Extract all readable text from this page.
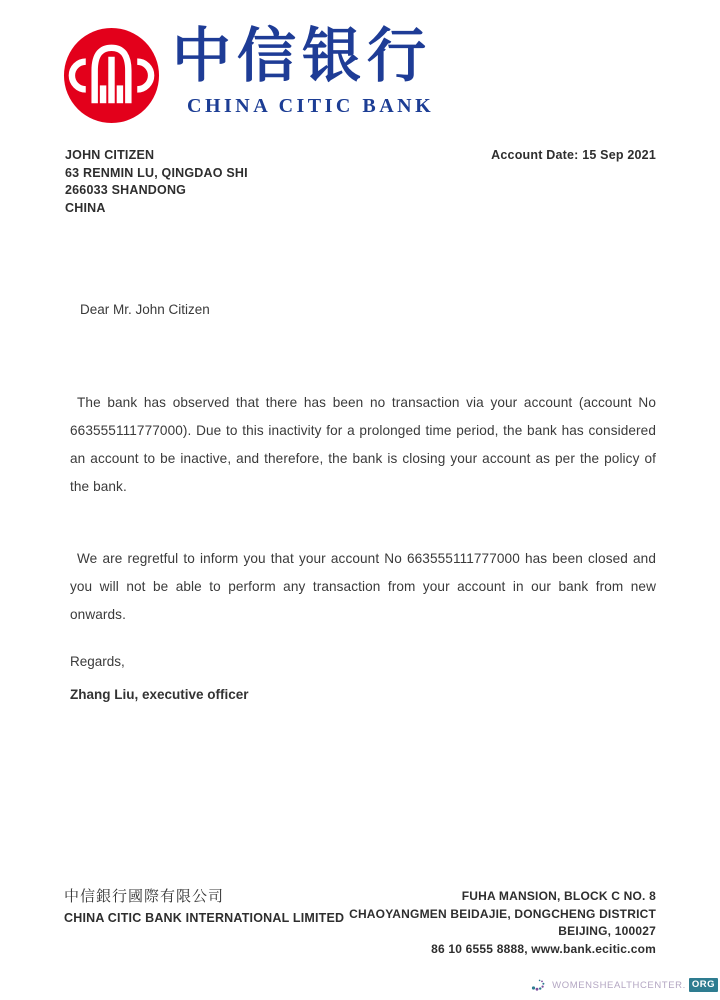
中信银行
CHINA CITIC BANK
JOHN CITIZEN
63 RENMIN LU, QINGDAO SHI
266033 SHANDONG
CHINA
Account Date: 15 Sep 2021
Dear Mr. John Citizen

The bank has observed that there has been no transaction via your account (account No 663555111777000). Due to this inactivity for a prolonged time period, the bank has considered an account to be inactive, and therefore, the bank is closing your account as per the policy of the bank.

We are regretful to inform you that your account No 663555111777000 has been closed and you will not be able to perform any transaction from your account in our bank from new onwards.

Regards,
Zhang Liu, executive officer
中信銀行國際有限公司
CHINA CITIC BANK INTERNATIONAL LIMITED
FUHA MANSION, BLOCK C NO. 8
CHAOYANGMEN BEIDAJIE, DONGCHENG DISTRICT
BEIJING, 100027
86 10 6555 8888, www.bank.ecitic.com
WOMENSHEALTHCENTER. ORG
